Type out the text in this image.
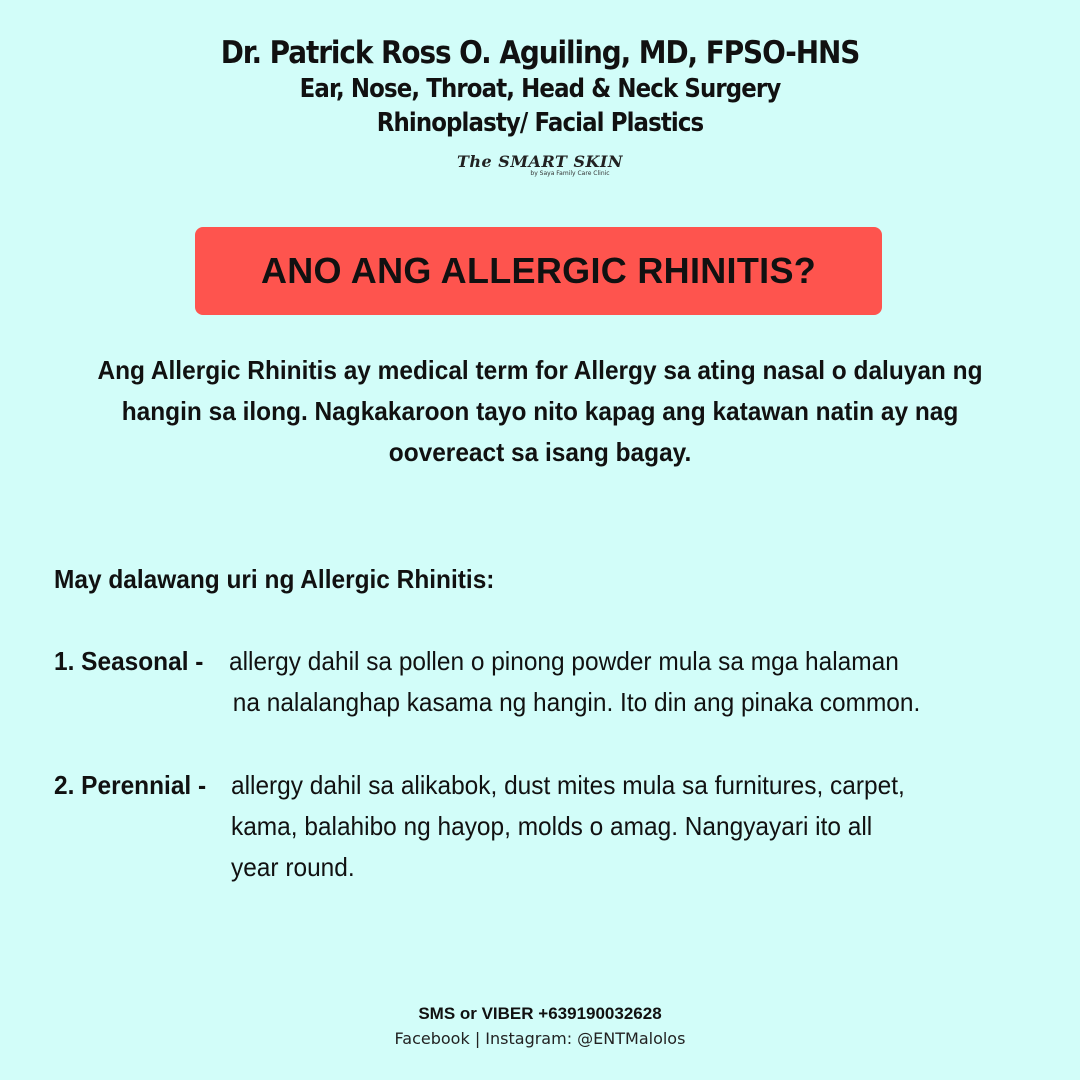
Dr. Patrick Ross O. Aguiling, MD, FPSO-HNS
Ear, Nose, Throat, Head & Neck Surgery
Rhinoplasty/ Facial Plastics
The SMART SKIN
by Saya Family Care Clinic
ANO ANG ALLERGIC RHINITIS?
Ang Allergic Rhinitis ay medical term for Allergy sa ating nasal o daluyan ng hangin sa ilong. Nagkakaroon tayo nito kapag ang katawan natin ay nag oovereact sa isang bagay.
May dalawang uri ng Allergic Rhinitis:
1. Seasonal - allergy dahil sa pollen o pinong powder mula sa mga halaman
na nalalanghap kasama ng hangin. Ito din ang pinaka common.
2. Perennial - allergy dahil sa alikabok, dust mites mula sa furnitures, carpet,
kama, balahibo ng hayop, molds o amag. Nangyayari ito all
year round.
SMS or VIBER +639190032628
Facebook | Instagram: @ENTMalolos
